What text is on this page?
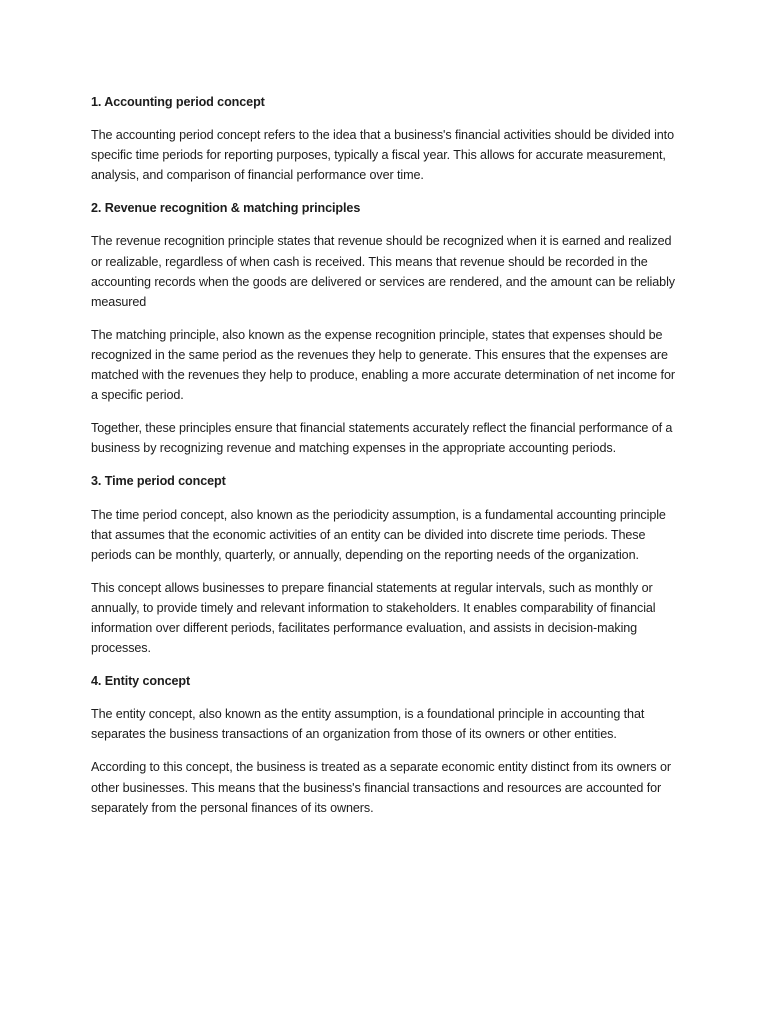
1. Accounting period concept

The accounting period concept refers to the idea that a business's financial activities should be divided into specific time periods for reporting purposes, typically a fiscal year. This allows for accurate measurement, analysis, and comparison of financial performance over time.

2. Revenue recognition & matching principles

The revenue recognition principle states that revenue should be recognized when it is earned and realized or realizable, regardless of when cash is received. This means that revenue should be recorded in the accounting records when the goods are delivered or services are rendered, and the amount can be reliably measured

The matching principle, also known as the expense recognition principle, states that expenses should be recognized in the same period as the revenues they help to generate. This ensures that the expenses are matched with the revenues they help to produce, enabling a more accurate determination of net income for a specific period.

Together, these principles ensure that financial statements accurately reflect the financial performance of a business by recognizing revenue and matching expenses in the appropriate accounting periods.

3. Time period concept

The time period concept, also known as the periodicity assumption, is a fundamental accounting principle that assumes that the economic activities of an entity can be divided into discrete time periods. These periods can be monthly, quarterly, or annually, depending on the reporting needs of the organization.

This concept allows businesses to prepare financial statements at regular intervals, such as monthly or annually, to provide timely and relevant information to stakeholders. It enables comparability of financial information over different periods, facilitates performance evaluation, and assists in decision-making processes.

4. Entity concept

The entity concept, also known as the entity assumption, is a foundational principle in accounting that separates the business transactions of an organization from those of its owners or other entities.

According to this concept, the business is treated as a separate economic entity distinct from its owners or other businesses. This means that the business's financial transactions and resources are accounted for separately from the personal finances of its owners.
